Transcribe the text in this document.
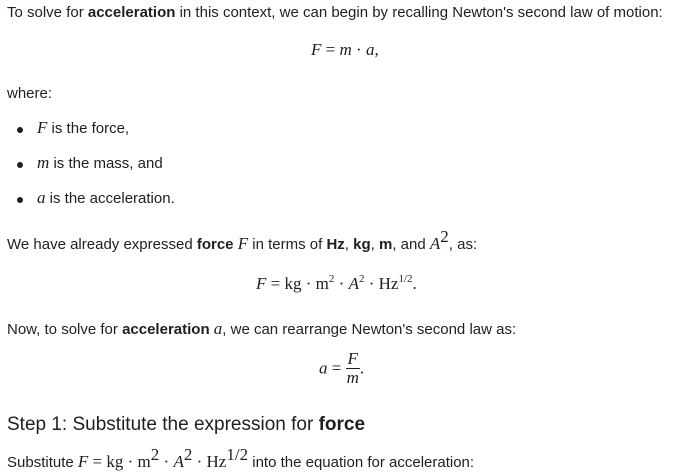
To solve for acceleration in this context, we can begin by recalling Newton's second law of motion:
F = m · a,
where:
F is the force,
m is the mass, and
a is the acceleration.
We have already expressed force F in terms of Hz, kg, m, and $A^2$, as:
F = kg · $m^2 \cdot A^2 \cdot Hz^{1/2}$.
Now, to solve for acceleration a, we can rearrange Newton's second law as:
$a = \frac{F}{m}$ .
Step 1: Substitute the expression for force
Substitute F = kg · $m^2 \cdot A^2 \cdot Hz^{1/2}$ into the equation for acceleration:
